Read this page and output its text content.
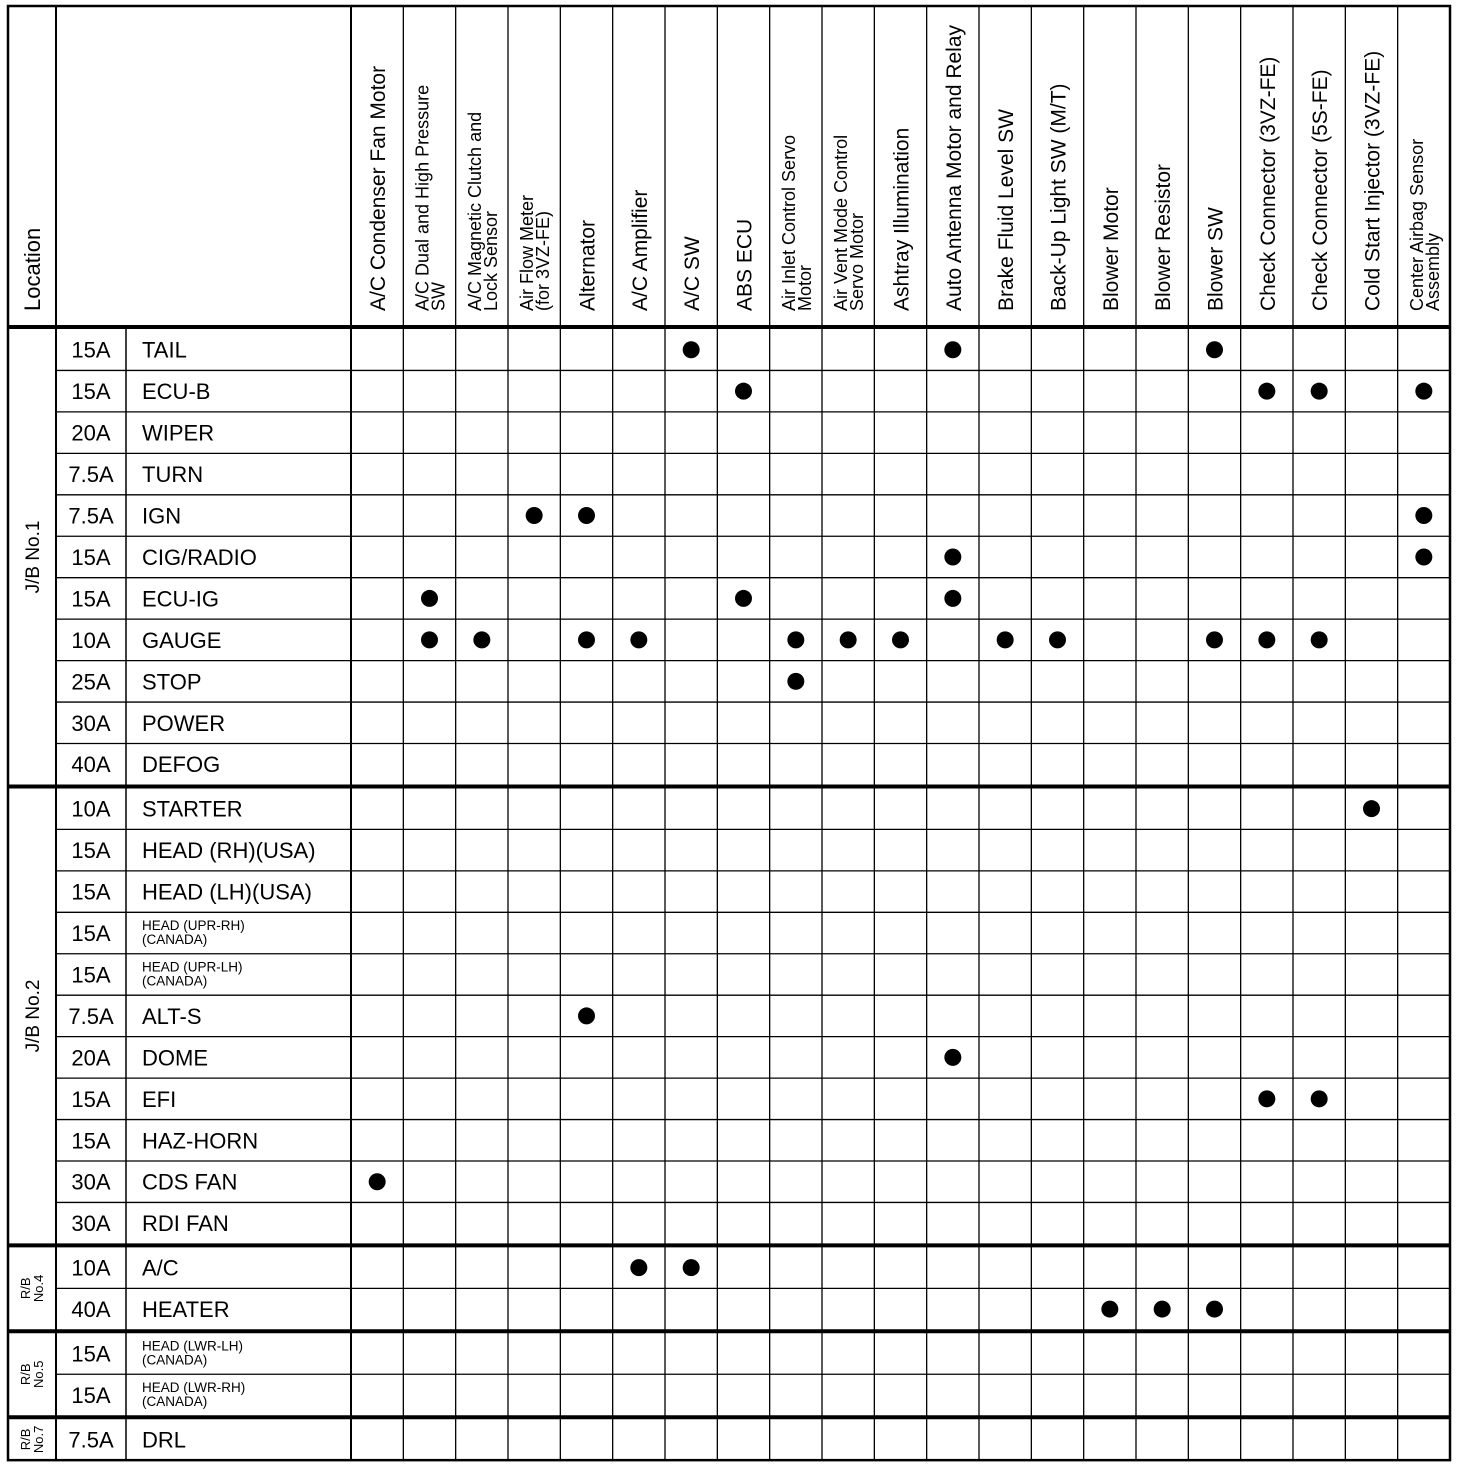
Location	A/C Condenser Fan Motor A/C Dual and High Pressure
SW A/C Magnetic Clutch and
Lock Sensor Air Flow Meter
(for 3VZ-FE) Alternator A/C Amplifier A/C SW ABS ECU Air Inlet Control Servo
Motor Air Vent Mode Control
Servo Motor Ashtray Illumination Auto Antenna Motor and Relay Brake Fluid Level SW Back-Up Light SW (M/T) Blower Motor Blower Resistor Blower SW Check Connector (3VZ-FE) Check Connector (5S-FE) Cold Start Injector (3VZ-FE) Center Airbag Sensor
Assembly
J/B No.1
J/B No.2
R/B
No.4
R/B
No.5
R/B
No.7
15A TAIL
15A ECU-B
20A WIPER
7.5A TURN
7.5A IGN
15A CIG/RADIO
15A ECU-IG
10A GAUGE
25A STOP
30A POWER
40A DEFOG
10A STARTER
15A HEAD (RH)(USA)
15A HEAD (LH)(USA)
15A HEAD (UPR-RH)
(CANADA)
15A HEAD (UPR-LH)
(CANADA)
7.5A ALT-S
20A DOME
15A EFI
15A HAZ-HORN
30A CDS FAN
30A RDI FAN
10A A/C
40A HEATER
15A HEAD (LWR-LH)
(CANADA)
15A HEAD (LWR-RH)
(CANADA)
7.5A DRL
